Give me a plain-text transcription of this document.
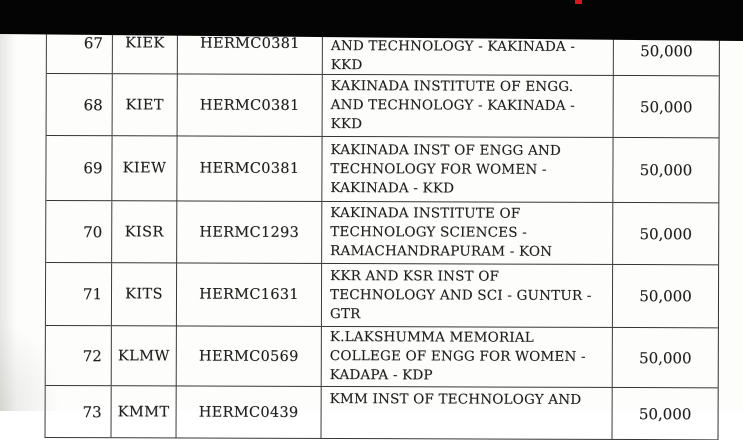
67	KIEK	HERMC0381	AND TECHNOLOGY - KAKINADA -
KKD
50,000
68	KIET	HERMC0381
KAKINADA INSTITUTE OF ENGG.
AND TECHNOLOGY - KAKINADA -
KKD
50,000
69	KIEW	HERMC0381
KAKINADA INST OF ENGG AND
TECHNOLOGY FOR WOMEN -
KAKINADA - KKD
50,000
70	KISR	HERMC1293
KAKINADA INSTITUTE OF
TECHNOLOGY SCIENCES -
RAMACHANDRAPURAM - KON
50,000
71	KITS	HERMC1631
KKR AND KSR INST OF
TECHNOLOGY AND SCI - GUNTUR -
GTR
50,000
72	KLMW	HERMC0569
K.LAKSHUMMA MEMORIAL
COLLEGE OF ENGG FOR WOMEN -
KADAPA - KDP
50,000
73	KMMT	HERMC0439
KMM INST OF TECHNOLOGY AND
50,000
